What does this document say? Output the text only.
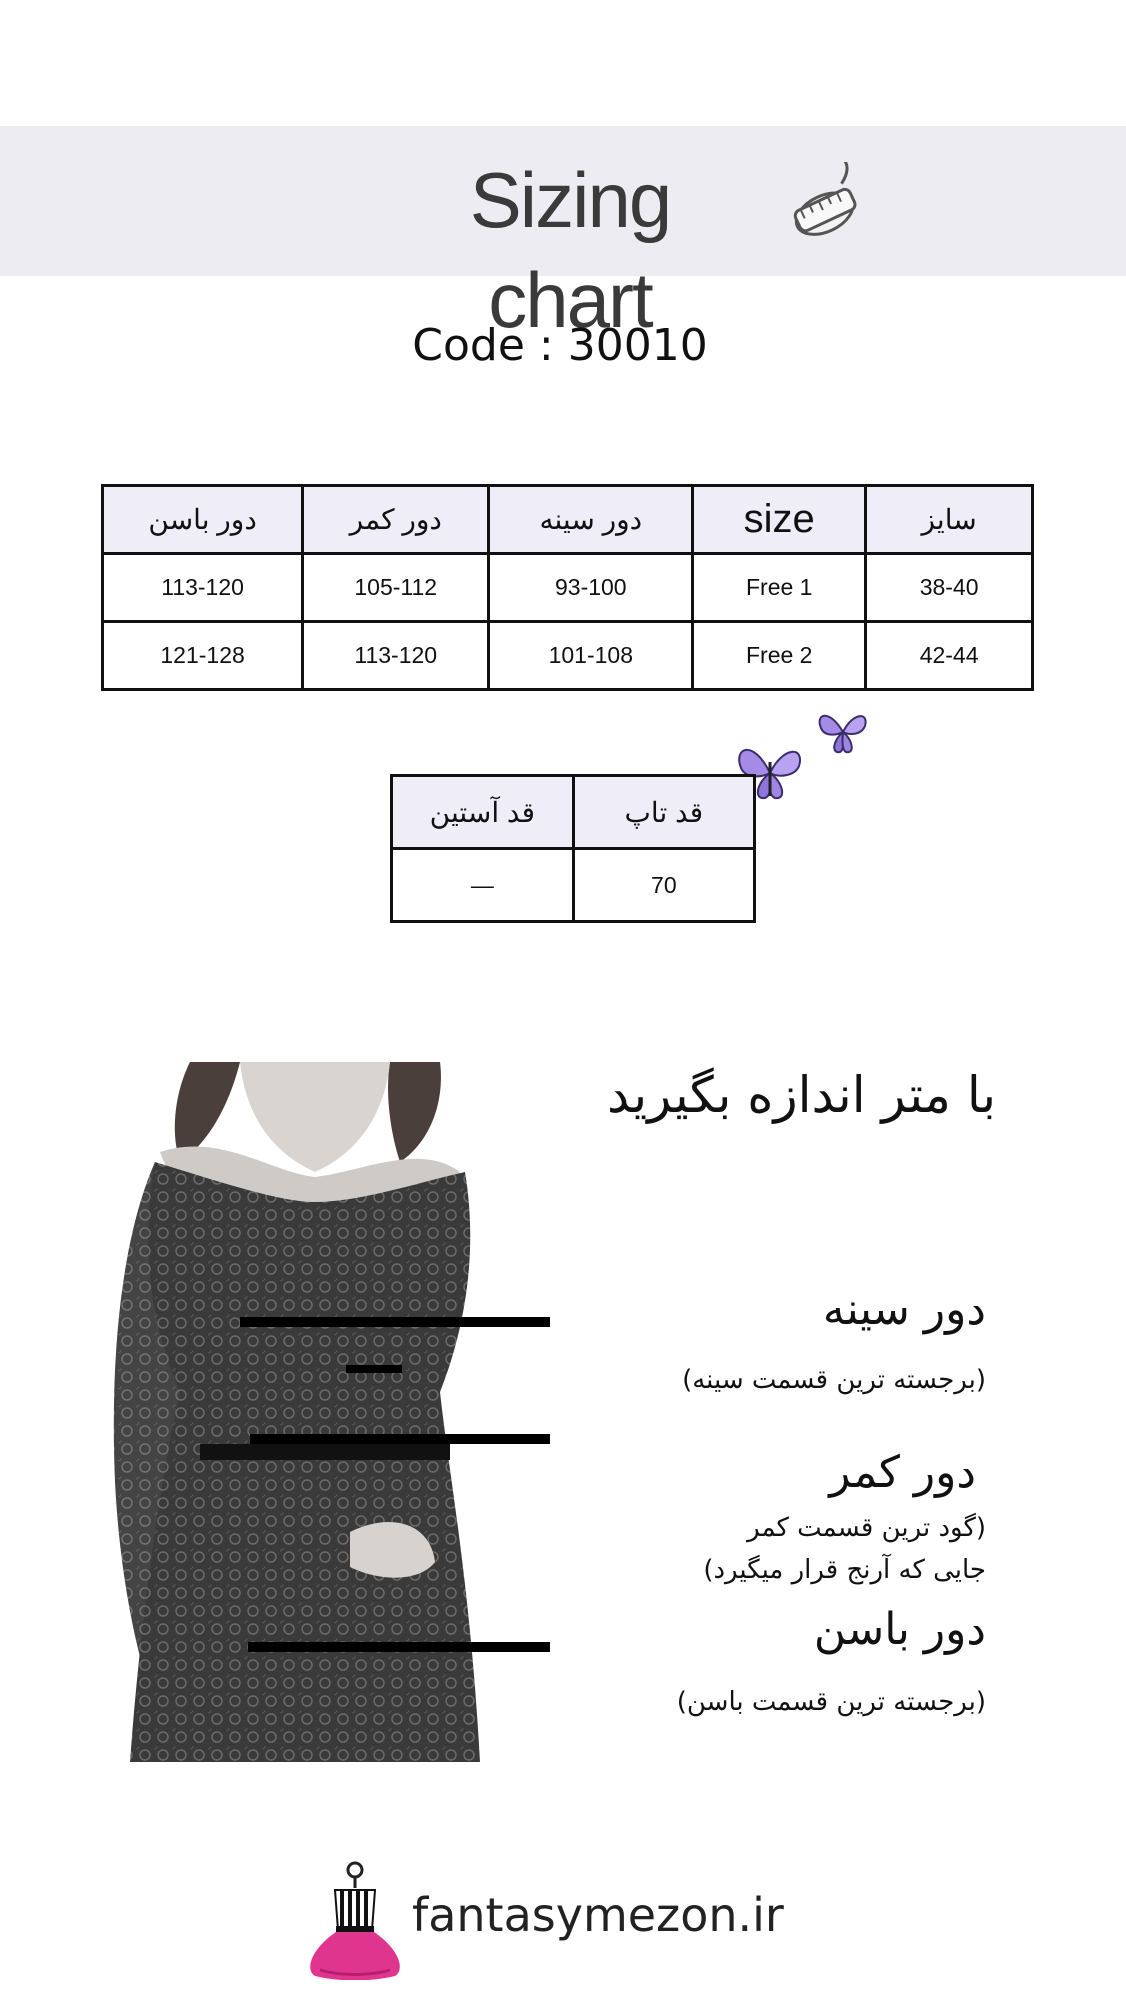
Sizing chart
Code : 30010
دور باسن	دور کمر	دور سینه	size	سایز
113-120	105-112	93-100	Free 1	38-40
121-128	113-120	101-108	Free 2	42-44
قد آستین	قد تاپ
—	70
با متر اندازه بگیرید
دور سینه
(برجسته ترین قسمت سینه)
دور کمر
(گود ترین قسمت کمر
جایی که آرنج قرار میگیرد)
دور باسن
(برجسته ترین قسمت باسن)
fantasymezon.ir
